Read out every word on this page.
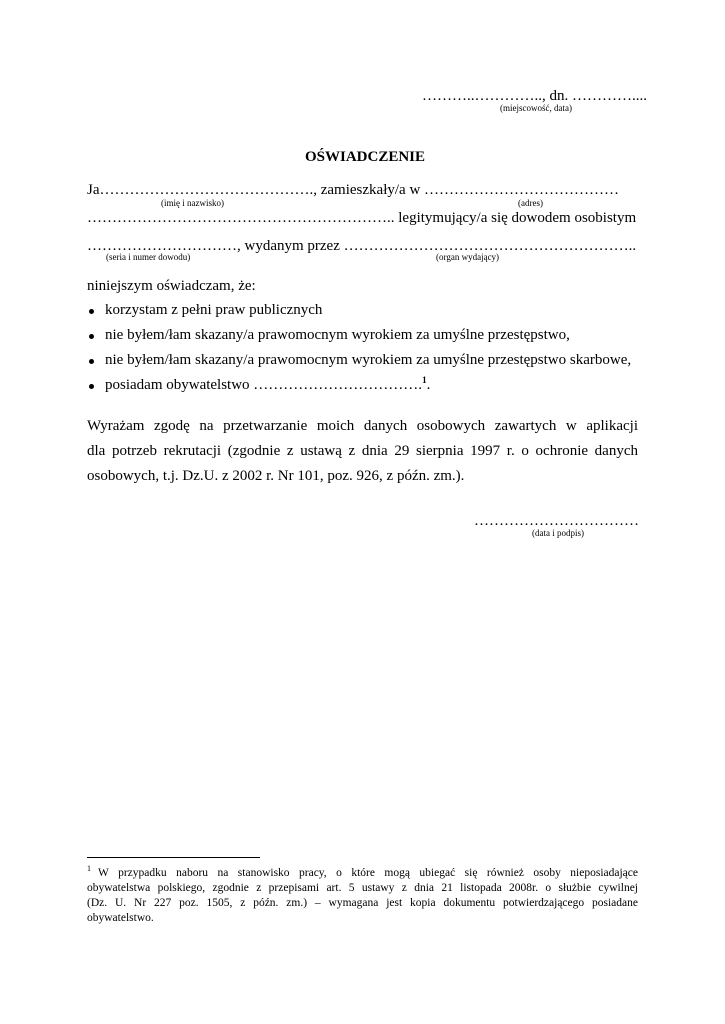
………..………….., dn. …………....
(miejscowość, data)
OŚWIADCZENIE
Ja……………………………………., zamieszkały/a w …………………………………
(imię i nazwisko)	(adres)
…………………………………………………….. legitymujący/a się dowodem osobistym
…………………………, wydanym przez …………………………………………………..
(seria i numer dowodu)	(organ wydający)
niniejszym oświadczam, że:
korzystam z pełni praw publicznych
nie byłem/łam skazany/a prawomocnym wyrokiem za umyślne przestępstwo,
nie byłem/łam skazany/a prawomocnym wyrokiem za umyślne przestępstwo skarbowe,
posiadam obywatelstwo …………………………….$^1$.
Wyrażam zgodę na przetwarzanie moich danych osobowych zawartych w aplikacji
dla potrzeb rekrutacji (zgodnie z ustawą z dnia 29 sierpnia 1997 r. o ochronie danych
osobowych, t.j. Dz.U. z 2002 r. Nr 101, poz. 926, z późn. zm.).
……………………………
(data i podpis)
1 W przypadku naboru na stanowisko pracy, o które mogą ubiegać się również osoby nieposiadające
obywatelstwa polskiego, zgodnie z przepisami art. 5 ustawy z dnia 21 listopada 2008r. o służbie cywilnej
(Dz. U. Nr 227 poz. 1505, z późn. zm.) – wymagana jest kopia dokumentu potwierdzającego posiadane
obywatelstwo.
